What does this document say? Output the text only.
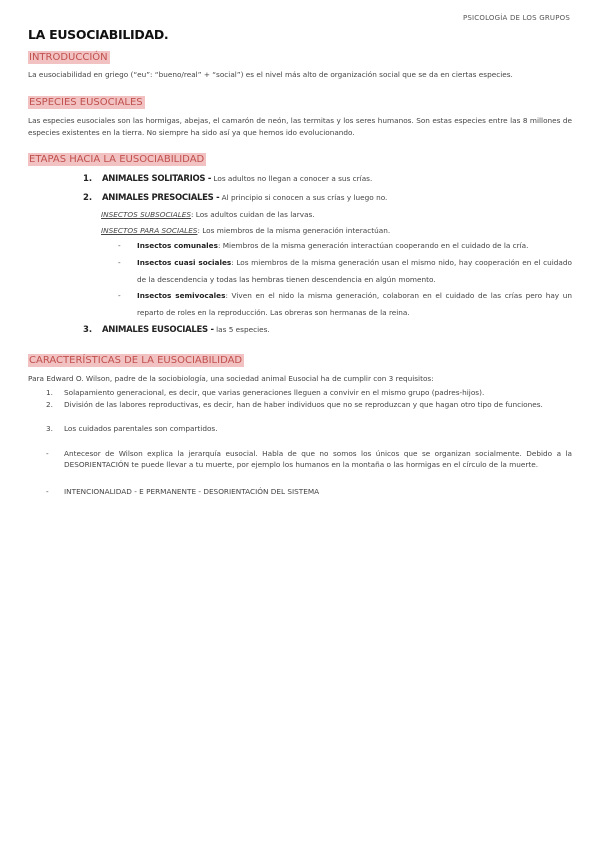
PSICOLOGÍA DE LOS GRUPOS
LA EUSOCIABILIDAD.
INTRODUCCIÓN
La eusociabilidad en griego (“eu”: “bueno/real” + “social”) es el nivel más alto de organización social que se da en ciertas especies.
ESPECIES EUSOCIALES
Las especies eusociales son las hormigas, abejas, el camarón de neón, las termitas y los seres humanos. Son estas especies entre las 8 millones de especies existentes en la tierra. No siempre ha sido así ya que hemos ido evolucionando.
ETAPAS HACIA LA EUSOCIABILIDAD
1. ANIMALES SOLITARIOS - Los adultos no llegan a conocer a sus crías.
2. ANIMALES PRESOCIALES - Al principio si conocen a sus crías y luego no.
INSECTOS SUBSOCIALES: Los adultos cuidan de las larvas.
INSECTOS PARA SOCIALES: Los miembros de la misma generación interactúan.
- Insectos comunales: Miembros de la misma generación interactúan cooperando en el cuidado de la cría.
- Insectos cuasi sociales: Los miembros de la misma generación usan el mismo nido, hay cooperación en el cuidado de la descendencia y todas las hembras tienen descendencia en algún momento.
- Insectos semivocales: Viven en el nido la misma generación, colaboran en el cuidado de las crías pero hay un reparto de roles en la reproducción. Las obreras son hermanas de la reina.
3. ANIMALES EUSOCIALES - las 5 especies.
CARACTERÍSTICAS DE LA EUSOCIABILIDAD
Para Edward O. Wilson, padre de la sociobiología, una sociedad animal Eusocial ha de cumplir con 3 requisitos:
1. Solapamiento generacional, es decir, que varias generaciones lleguen a convivir en el mismo grupo (padres-hijos).
2. División de las labores reproductivas, es decir, han de haber individuos que no se reproduzcan y que hagan otro tipo de funciones.
3. Los cuidados parentales son compartidos.
- Antecesor de Wilson explica la jerarquía eusocial. Habla de que no somos los únicos que se organizan socialmente. Debido a la DESORIENTACIÓN te puede llevar a tu muerte, por ejemplo los humanos en la montaña o las hormigas en el círculo de la muerte.
- INTENCIONALIDAD - E PERMANENTE - DESORIENTACIÓN DEL SISTEMA
